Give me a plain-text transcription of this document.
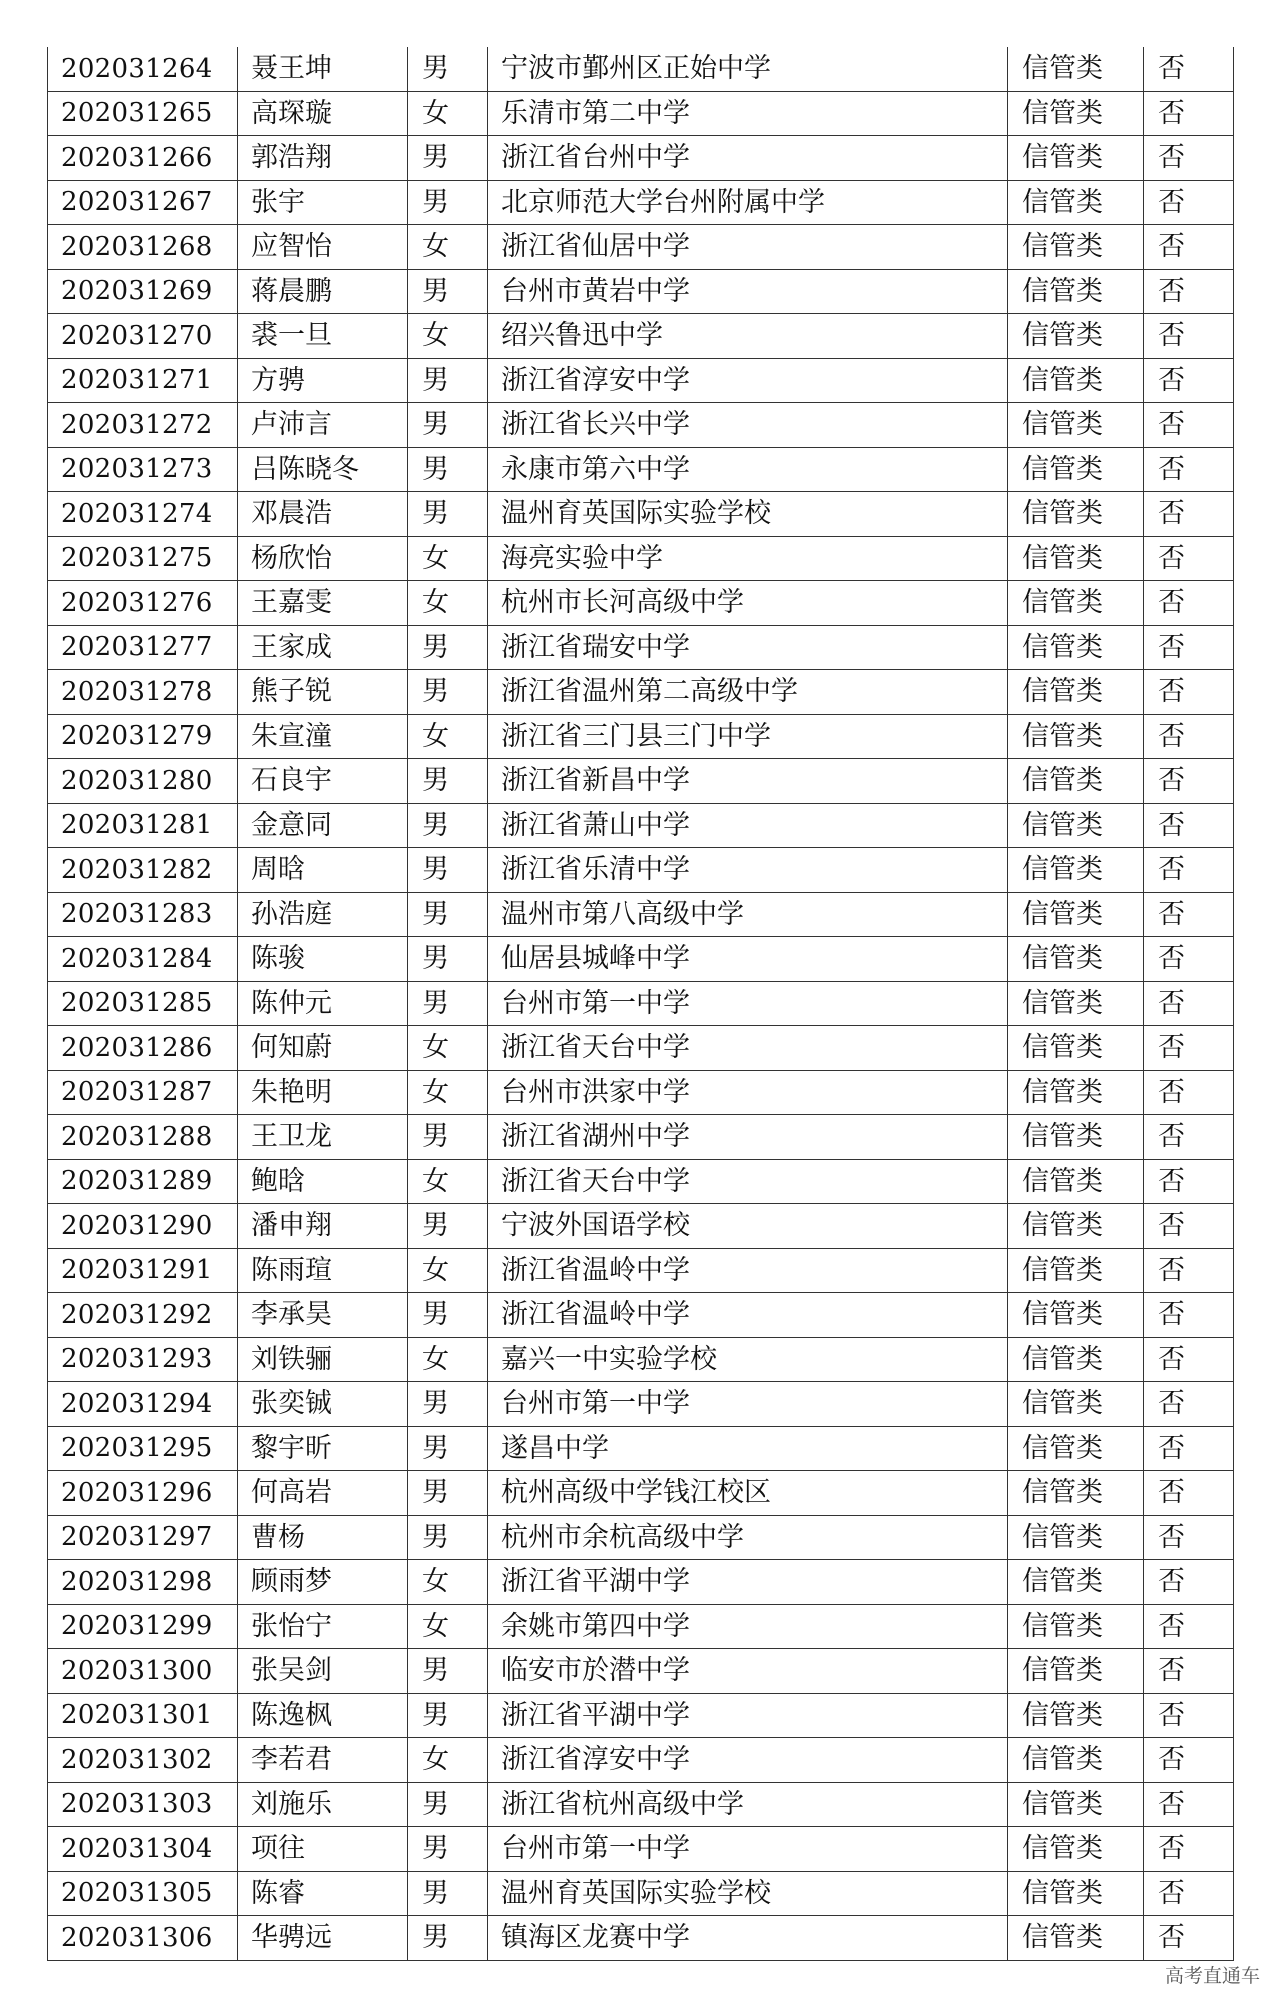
202031264	聂王坤	男	宁波市鄞州区正始中学	信管类	否
202031265	高琛璇	女	乐清市第二中学	信管类	否
202031266	郭浩翔	男	浙江省台州中学	信管类	否
202031267	张宇	男	北京师范大学台州附属中学	信管类	否
202031268	应智怡	女	浙江省仙居中学	信管类	否
202031269	蒋晨鹏	男	台州市黄岩中学	信管类	否
202031270	裘一旦	女	绍兴鲁迅中学	信管类	否
202031271	方骋	男	浙江省淳安中学	信管类	否
202031272	卢沛言	男	浙江省长兴中学	信管类	否
202031273	吕陈晓冬	男	永康市第六中学	信管类	否
202031274	邓晨浩	男	温州育英国际实验学校	信管类	否
202031275	杨欣怡	女	海亮实验中学	信管类	否
202031276	王嘉雯	女	杭州市长河高级中学	信管类	否
202031277	王家成	男	浙江省瑞安中学	信管类	否
202031278	熊子锐	男	浙江省温州第二高级中学	信管类	否
202031279	朱宣潼	女	浙江省三门县三门中学	信管类	否
202031280	石良宇	男	浙江省新昌中学	信管类	否
202031281	金意同	男	浙江省萧山中学	信管类	否
202031282	周晗	男	浙江省乐清中学	信管类	否
202031283	孙浩庭	男	温州市第八高级中学	信管类	否
202031284	陈骏	男	仙居县城峰中学	信管类	否
202031285	陈仲元	男	台州市第一中学	信管类	否
202031286	何知蔚	女	浙江省天台中学	信管类	否
202031287	朱艳明	女	台州市洪家中学	信管类	否
202031288	王卫龙	男	浙江省湖州中学	信管类	否
202031289	鲍晗	女	浙江省天台中学	信管类	否
202031290	潘申翔	男	宁波外国语学校	信管类	否
202031291	陈雨瑄	女	浙江省温岭中学	信管类	否
202031292	李承昊	男	浙江省温岭中学	信管类	否
202031293	刘铁骊	女	嘉兴一中实验学校	信管类	否
202031294	张奕铖	男	台州市第一中学	信管类	否
202031295	黎宇昕	男	遂昌中学	信管类	否
202031296	何高岩	男	杭州高级中学钱江校区	信管类	否
202031297	曹杨	男	杭州市余杭高级中学	信管类	否
202031298	顾雨梦	女	浙江省平湖中学	信管类	否
202031299	张怡宁	女	余姚市第四中学	信管类	否
202031300	张吴剑	男	临安市於潜中学	信管类	否
202031301	陈逸枫	男	浙江省平湖中学	信管类	否
202031302	李若君	女	浙江省淳安中学	信管类	否
202031303	刘施乐	男	浙江省杭州高级中学	信管类	否
202031304	项往	男	台州市第一中学	信管类	否
202031305	陈睿	男	温州育英国际实验学校	信管类	否
202031306	华骋远	男	镇海区龙赛中学	信管类	否
高考直通车
